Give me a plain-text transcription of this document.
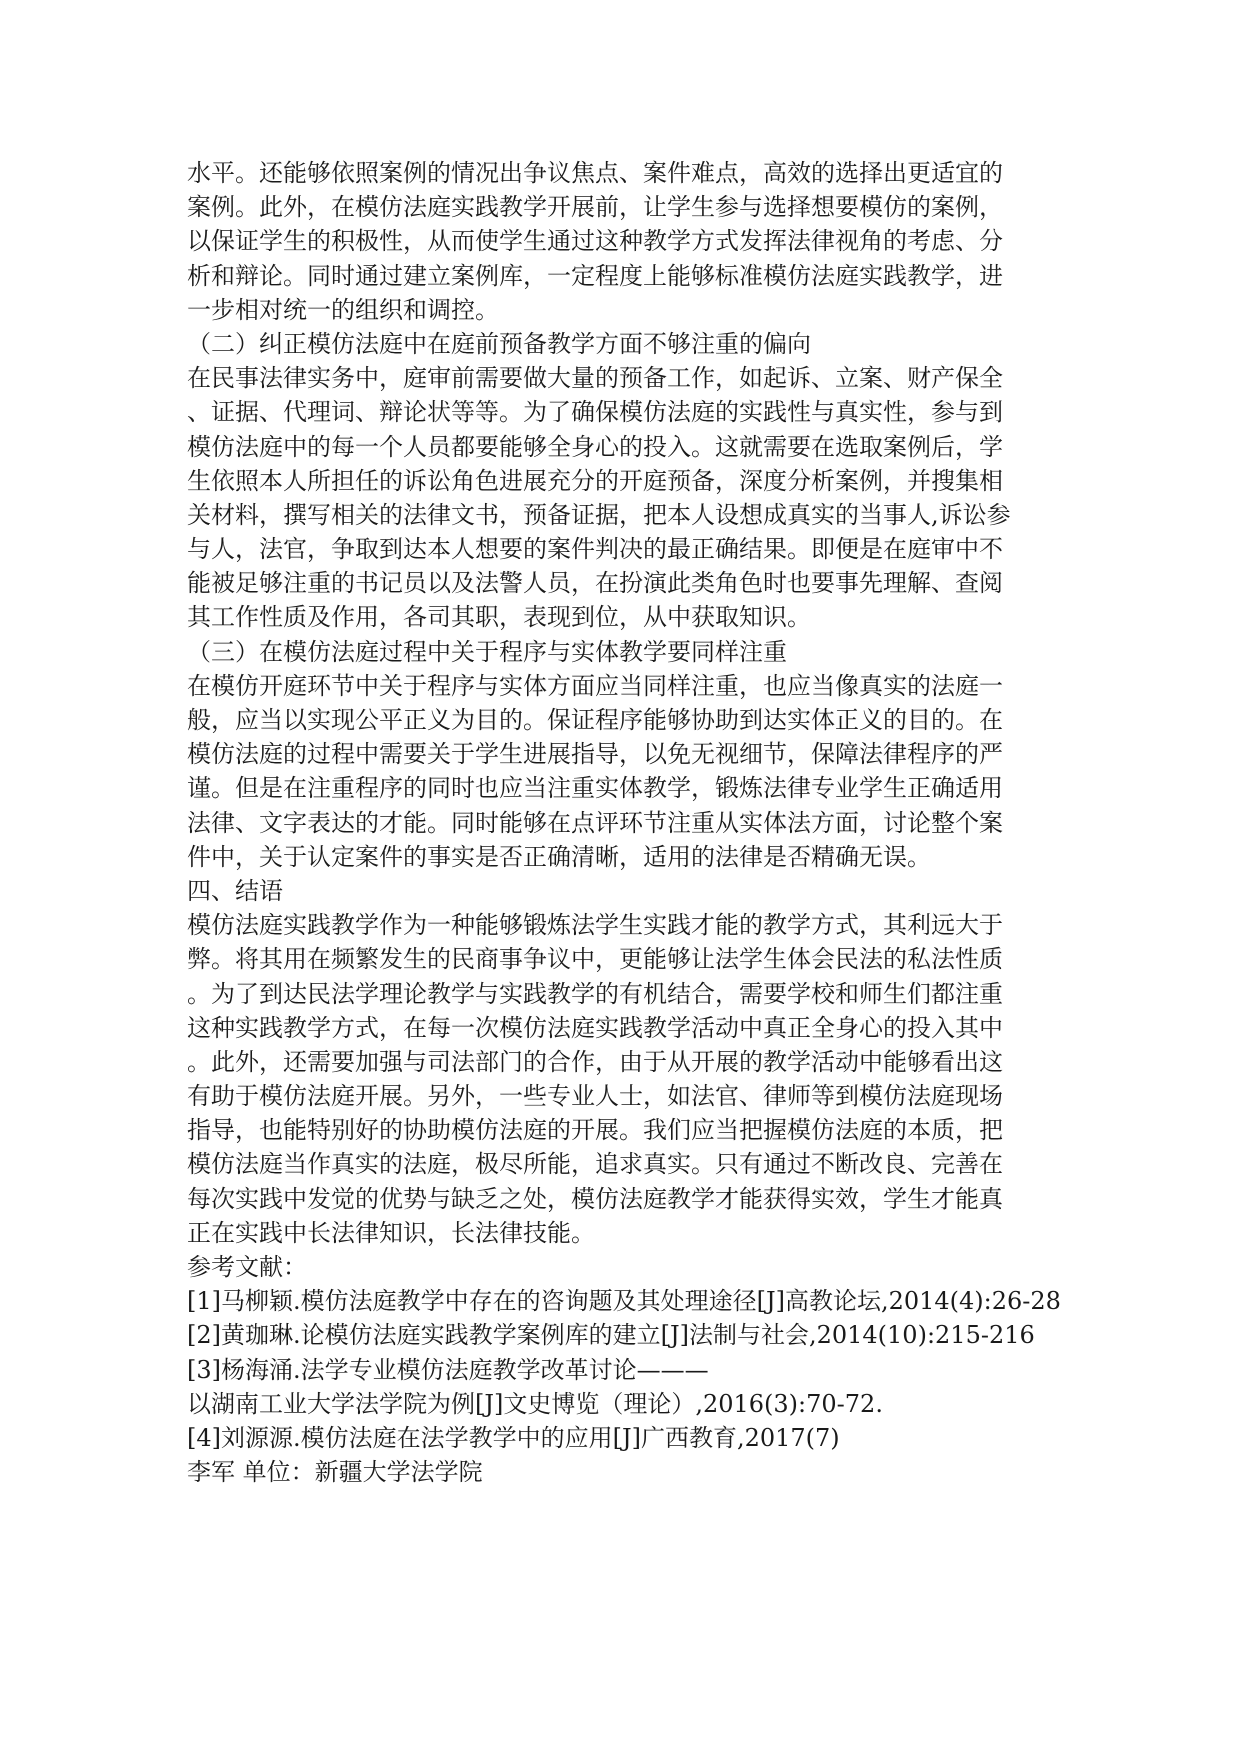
水平。还能够依照案例的情况出争议焦点、案件难点，高效的选择出更适宜的
案例。此外，在模仿法庭实践教学开展前，让学生参与选择想要模仿的案例，
以保证学生的积极性，从而使学生通过这种教学方式发挥法律视角的考虑、分
析和辩论。同时通过建立案例库，一定程度上能够标准模仿法庭实践教学，进
一步相对统一的组织和调控。
（二）纠正模仿法庭中在庭前预备教学方面不够注重的偏向
在民事法律实务中，庭审前需要做大量的预备工作，如起诉、立案、财产保全
、证据、代理词、辩论状等等。为了确保模仿法庭的实践性与真实性，参与到
模仿法庭中的每一个人员都要能够全身心的投入。这就需要在选取案例后，学
生依照本人所担任的诉讼角色进展充分的开庭预备，深度分析案例，并搜集相
关材料，撰写相关的法律文书，预备证据，把本人设想成真实的当事人,诉讼参
与人，法官，争取到达本人想要的案件判决的最正确结果。即便是在庭审中不
能被足够注重的书记员以及法警人员，在扮演此类角色时也要事先理解、查阅
其工作性质及作用，各司其职，表现到位，从中获取知识。
（三）在模仿法庭过程中关于程序与实体教学要同样注重
在模仿开庭环节中关于程序与实体方面应当同样注重，也应当像真实的法庭一
般，应当以实现公平正义为目的。保证程序能够协助到达实体正义的目的。在
模仿法庭的过程中需要关于学生进展指导，以免无视细节，保障法律程序的严
谨。但是在注重程序的同时也应当注重实体教学，锻炼法律专业学生正确适用
法律、文字表达的才能。同时能够在点评环节注重从实体法方面，讨论整个案
件中，关于认定案件的事实是否正确清晰，适用的法律是否精确无误。
四、结语
模仿法庭实践教学作为一种能够锻炼法学生实践才能的教学方式，其利远大于
弊。将其用在频繁发生的民商事争议中，更能够让法学生体会民法的私法性质
。为了到达民法学理论教学与实践教学的有机结合，需要学校和师生们都注重
这种实践教学方式，在每一次模仿法庭实践教学活动中真正全身心的投入其中
。此外，还需要加强与司法部门的合作，由于从开展的教学活动中能够看出这
有助于模仿法庭开展。另外，一些专业人士，如法官、律师等到模仿法庭现场
指导，也能特别好的协助模仿法庭的开展。我们应当把握模仿法庭的本质，把
模仿法庭当作真实的法庭，极尽所能，追求真实。只有通过不断改良、完善在
每次实践中发觉的优势与缺乏之处，模仿法庭教学才能获得实效，学生才能真
正在实践中长法律知识，长法律技能。
参考文献：
[1]马柳颖.模仿法庭教学中存在的咨询题及其处理途径[J]高教论坛,2014(4):26-28
[2]黄珈琳.论模仿法庭实践教学案例库的建立[J]法制与社会,2014(10):215-216
[3]杨海涌.法学专业模仿法庭教学改革讨论———
以湖南工业大学法学院为例[J]文史博览（理论）,2016(3):70-72.
[4]刘源源.模仿法庭在法学教学中的应用[J]广西教育,2017(7)
李军 单位：新疆大学法学院
